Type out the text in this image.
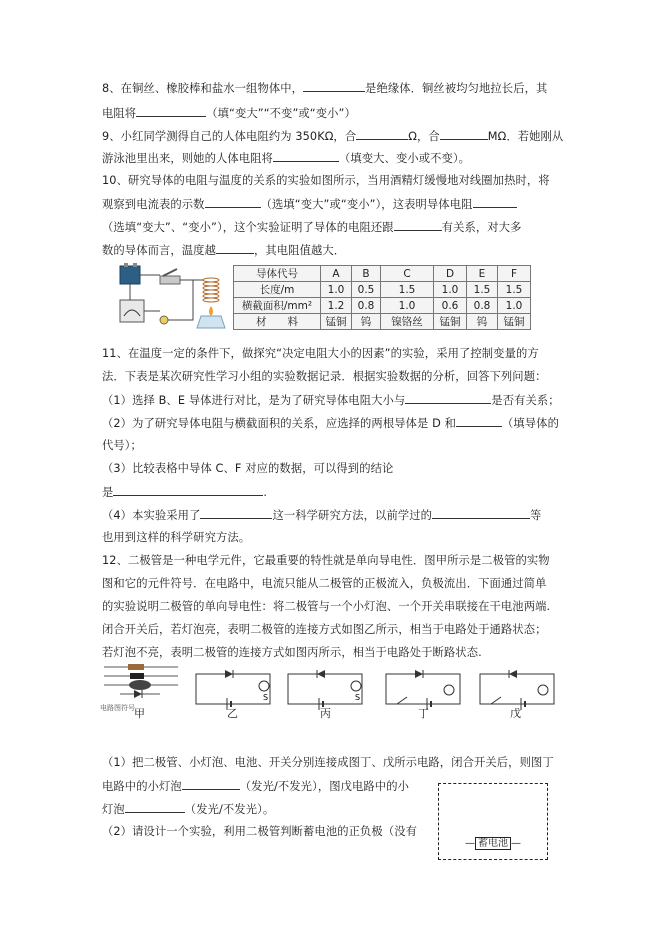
8、在铜丝、橡胶棒和盐水一组物体中，	是绝缘体．铜丝被均匀地拉长后，其
电阻将	（填“变大”“不变”或“变小”）
9、小红同学测得自己的人体电阻约为 350KΩ，合	Ω，合	MΩ．若她刚从
游泳池里出来，则她的人体电阻将	（填变大、变小或不变）。
10、研究导体的电阻与温度的关系的实验如图所示，当用酒精灯缓慢地对线圈加热时，将
观察到电流表的示数	（选填“变大”或“变小”），这表明导体电阻
（选填“变大”、“变小”），这个实验证明了导体的电阻还跟	有关系，对大多
数的导体而言，温度越	，其电阻值越大．
导体代号	A	B	C	D	E	F
长度/m	1.0	0.5	1.5	1.0	1.5	1.5
横截面积/mm²	1.2	0.8	1.0	0.6	0.8	1.0
材　　料	锰铜	钨	镍铬丝	锰铜	钨	锰铜
11、在温度一定的条件下，做探究“决定电阻大小的因素”的实验，采用了控制变量的方
法．下表是某次研究性学习小组的实验数据记录．根据实验数据的分析，回答下列问题：
（1）选择 B、E 导体进行对比，是为了研究导体电阻大小与	是否有关系；
（2）为了研究导体电阻与横截面积的关系，应选择的两根导体是 D 和	（填导体的
代号）；
（3）比较表格中导体 C、F 对应的数据，可以得到的结论
是	.
（4）本实验采用了	这一科学研究方法，以前学过的	等
也用到这样的科学研究方法。
12、二极管是一种电学元件，它最重要的特性就是单向导电性．图甲所示是二极管的实物
图和它的元件符号．在电路中，电流只能从二极管的正极流入，负极流出．下面通过简单
的实验说明二极管的单向导电性：将二极管与一个小灯泡、一个开关串联接在干电池两端.
闭合开关后，若灯泡亮，表明二极管的连接方式如图乙所示，相当于电路处于通路状态；
若灯泡不亮，表明二极管的连接方式如图丙所示，相当于电路处于断路状态.
电路图符号
S	S
甲	乙	丙	丁	戊
（1）把二极管、小灯泡、电池、开关分别连接成图丁、戊所示电路，闭合开关后，则图丁
电路中的小灯泡	（发光/不发光），图戊电路中的小
灯泡	（发光/不发光）。
（2）请设计一个实验，利用二极管判断蓄电池的正负极（没有
— 蓄电池 —
